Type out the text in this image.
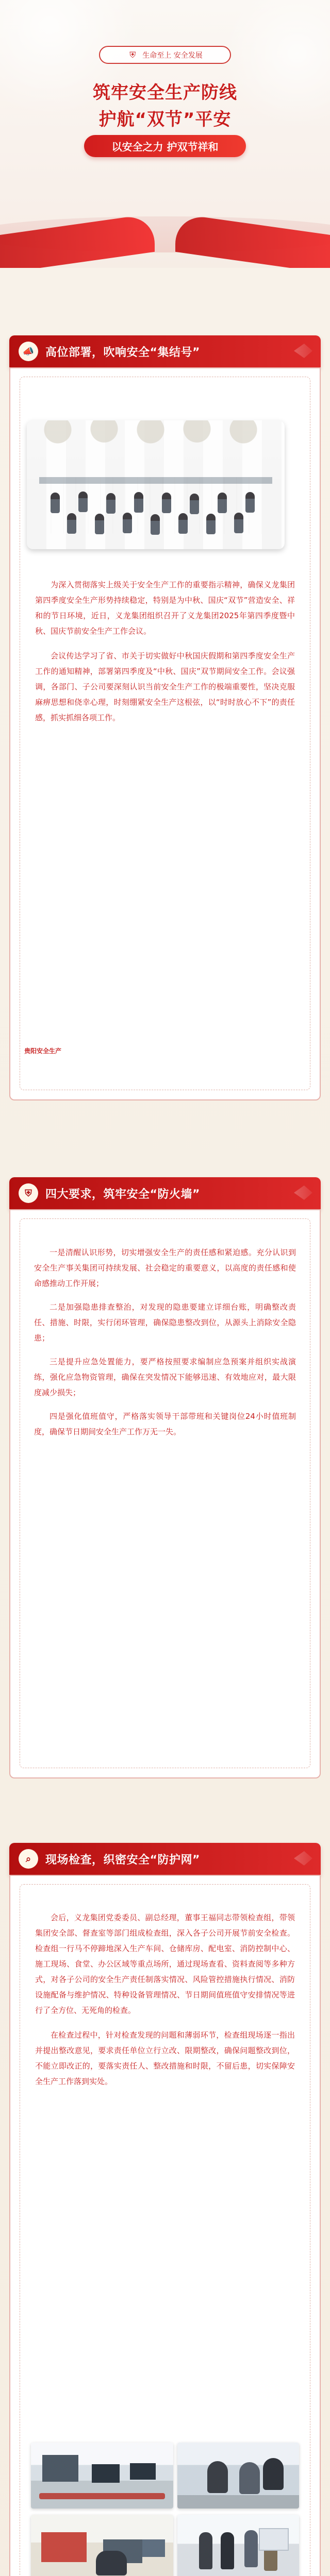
⛨ 生命至上 安全发展
筑牢安全生产防线
护航“双节”平安
以安全之力 护双节祥和
📣 高位部署，吹响安全“集结号”

为深入贯彻落实上级关于安全生产工作的重要指示精神，确保义龙集团第四季度安全生产形势持续稳定，特别是为中秋、国庆“双节”营造安全、祥和的节日环境，近日，义龙集团组织召开了义龙集团2025年第四季度暨中秋、国庆节前安全生产工作会议。

会议传达学习了省、市关于切实做好中秋国庆假期和第四季度安全生产工作的通知精神，部署第四季度及“中秋、国庆”双节期间安全工作。会议强调，各部门、子公司要深刻认识当前安全生产工作的极端重要性，坚决克服麻痹思想和侥幸心理，时刻绷紧安全生产这根弦，以“时时放心不下”的责任感，抓实抓细各项工作。

贵阳安全生产
⛨	四大要求，筑牢安全“防火墙”

一是清醒认识形势，切实增强安全生产的责任感和紧迫感。充分认识到安全生产事关集团可持续发展、社会稳定的重要意义，以高度的责任感和使命感推动工作开展；

二是加强隐患排查整治，对发现的隐患要建立详细台账，明确整改责任、措施、时限，实行闭环管理，确保隐患整改到位，从源头上消除安全隐患；

三是提升应急处置能力，要严格按照要求编制应急预案并组织实战演练，强化应急物资管理，确保在突发情况下能够迅速、有效地应对，最大限度减少损失；

四是强化值班值守，严格落实领导干部带班和关键岗位24小时值班制度，确保节日期间安全生产工作万无一失。

⌕	现场检查，织密安全“防护网”

会后，义龙集团党委委员、副总经理，董事王福同志带领检查组，带领集团安全部、督查室等部门组成检查组，深入各子公司开展节前安全检查。检查组一行马不停蹄地深入生产车间、仓储库房、配电室、消防控制中心、施工现场、食堂、办公区域等重点场所，通过现场查看、资料查阅等多种方式，对各子公司的安全生产责任制落实情况、风险管控措施执行情况、消防设施配备与维护情况、特种设备管理情况、节日期间值班值守安排情况等进行了全方位、无死角的检查。

在检查过程中，针对检查发现的问题和薄弱环节，检查组现场逐一指出并提出整改意见，要求责任单位立行立改、限期整改，确保问题整改到位，不能立即改正的，要落实责任人、整改措施和时限，不留后患，切实保障安全生产工作落到实处。
